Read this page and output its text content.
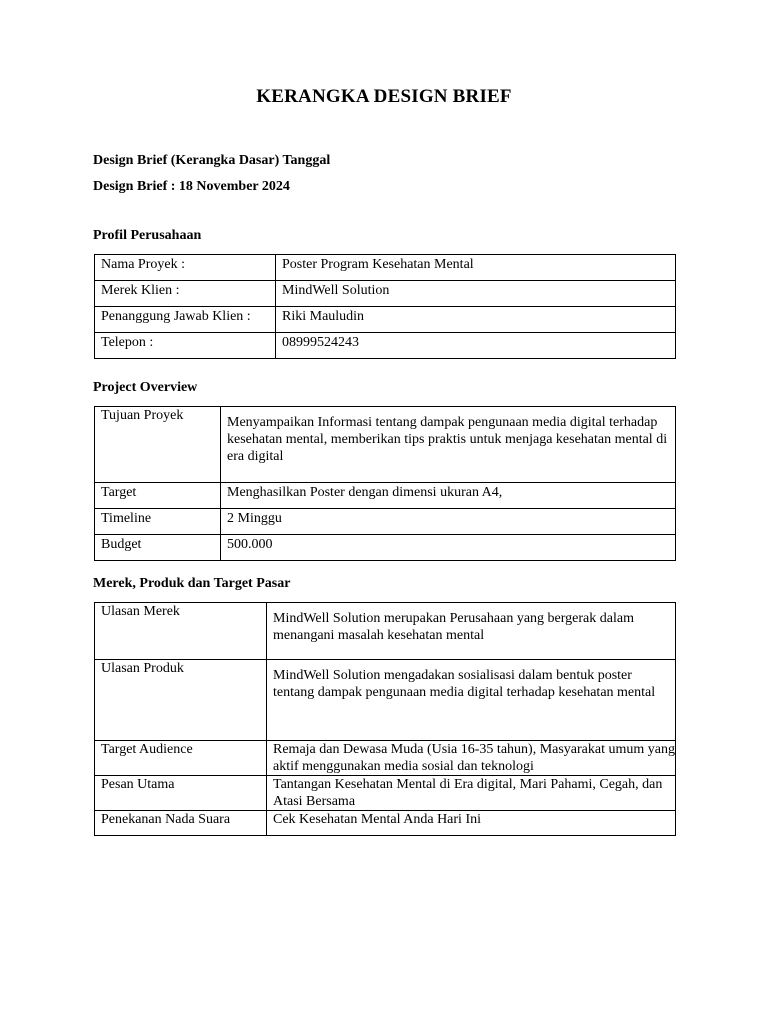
KERANGKA DESIGN BRIEF
Design Brief (Kerangka Dasar) Tanggal
Design Brief : 18 November 2024
Profil Perusahaan
Nama Proyek :	Poster Program Kesehatan Mental
Merek Klien :	MindWell Solution
Penanggung Jawab Klien :	Riki Mauludin
Telepon :	08999524243
Project Overview
Tujuan Proyek	Menyampaikan Informasi tentang dampak pengunaan media digital terhadap kesehatan mental, memberikan tips praktis untuk menjaga kesehatan mental di era digital
Target	Menghasilkan Poster dengan dimensi ukuran A4,
Timeline	2 Minggu
Budget	500.000
Merek, Produk dan Target Pasar
Ulasan Merek	MindWell Solution merupakan Perusahaan yang bergerak dalam menangani masalah kesehatan mental
Ulasan Produk	MindWell Solution mengadakan sosialisasi dalam bentuk poster tentang dampak pengunaan media digital terhadap kesehatan mental
Target Audience	Remaja dan Dewasa Muda (Usia 16-35 tahun), Masyarakat umum yang aktif menggunakan media sosial dan teknologi
Pesan Utama	Tantangan Kesehatan Mental di Era digital, Mari Pahami, Cegah, dan Atasi Bersama
Penekanan Nada Suara	Cek Kesehatan Mental Anda Hari Ini
